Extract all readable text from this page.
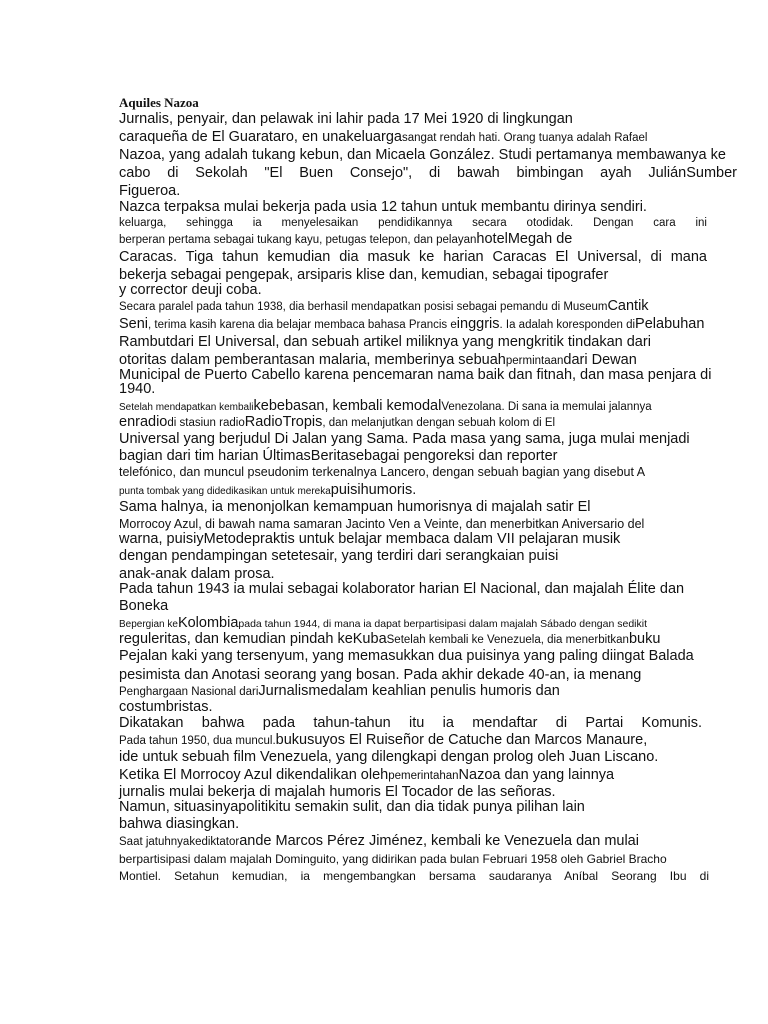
Aquiles Nazoa
Jurnalis, penyair, dan pelawak ini lahir pada 17 Mei 1920 di lingkungan
caraqueña de El Guarataro, en unakeluargasangat rendah hati. Orang tuanya adalah Rafael
Nazoa, yang adalah tukang kebun, dan Micaela González. Studi pertamanya membawanya ke
cabo di Sekolah "El Buen Consejo", di bawah bimbingan ayah JuliánSumber
Figueroa.
Nazca terpaksa mulai bekerja pada usia 12 tahun untuk membantu dirinya sendiri.
keluarga, sehingga ia menyelesaikan pendidikannya secara otodidak. Dengan cara ini
berperan pertama sebagai tukang kayu, petugas telepon, dan pelayanhotelMegah de
Caracas. Tiga tahun kemudian dia masuk ke harian Caracas El Universal, di mana
bekerja sebagai pengepak, arsiparis klise dan, kemudian, sebagai tipografer
y corrector deuji coba.
Secara paralel pada tahun 1938, dia berhasil mendapatkan posisi sebagai pemandu di MuseumCantik
Seni, terima kasih karena dia belajar membaca bahasa Prancis einggris. Ia adalah koresponden diPelabuhan
Rambutdari El Universal, dan sebuah artikel miliknya yang mengkritik tindakan dari
otoritas dalam pemberantasan malaria, memberinya sebuahpermintaandari Dewan
Municipal de Puerto Cabello karena pencemaran nama baik dan fitnah, dan masa penjara di
1940.
Setelah mendapatkan kembalikebebasan, kembali kemodalVenezolana. Di sana ia memulai jalannya
enradiodi stasiun radioRadioTropis, dan melanjutkan dengan sebuah kolom di El
Universal yang berjudul Di Jalan yang Sama. Pada masa yang sama, juga mulai menjadi
bagian dari tim harian ÚltimasBeritasebagai pengoreksi dan reporter
telefónico, dan muncul pseudonim terkenalnya Lancero, dengan sebuah bagian yang disebut A
punta tombak yang didedikasikan untuk merekapuisihumoris.
Sama halnya, ia menonjolkan kemampuan humorisnya di majalah satir El
Morrocoy Azul, di bawah nama samaran Jacinto Ven a Veinte, dan menerbitkan Aniversario del
warna, puisiyMetodepraktis untuk belajar membaca dalam VII pelajaran musik
dengan pendampingan setetesair, yang terdiri dari serangkaian puisi
anak-anak dalam prosa.
Pada tahun 1943 ia mulai sebagai kolaborator harian El Nacional, dan majalah Élite dan
Boneka
Bepergian keKolombiapada tahun 1944, di mana ia dapat berpartisipasi dalam majalah Sábado dengan sedikit
reguleritas, dan kemudian pindah keKubaSetelah kembali ke Venezuela, dia menerbitkanbuku
Pejalan kaki yang tersenyum, yang memasukkan dua puisinya yang paling diingat Balada
pesimista dan Anotasi seorang yang bosan. Pada akhir dekade 40-an, ia menang
Penghargaan Nasional dariJurnalismedalam keahlian penulis humoris dan
costumbristas.
Dikatakan bahwa pada tahun-tahun itu ia mendaftar di Partai Komunis.
Pada tahun 1950, dua muncul.bukusuyos El Ruiseñor de Catuche dan Marcos Manaure,
ide untuk sebuah film Venezuela, yang dilengkapi dengan prolog oleh Juan Liscano.
Ketika El Morrocoy Azul dikendalikan olehpemerintahanNazoa dan yang lainnya
jurnalis mulai bekerja di majalah humoris El Tocador de las señoras.
Namun, situasinyapolitikitu semakin sulit, dan dia tidak punya pilihan lain
bahwa diasingkan.
Saat jatuhnyakediktatorande Marcos Pérez Jiménez, kembali ke Venezuela dan mulai
berpartisipasi dalam majalah Dominguito, yang didirikan pada bulan Februari 1958 oleh Gabriel Bracho
Montiel. Setahun kemudian, ia mengembangkan bersama saudaranya Aníbal Seorang Ibu di
